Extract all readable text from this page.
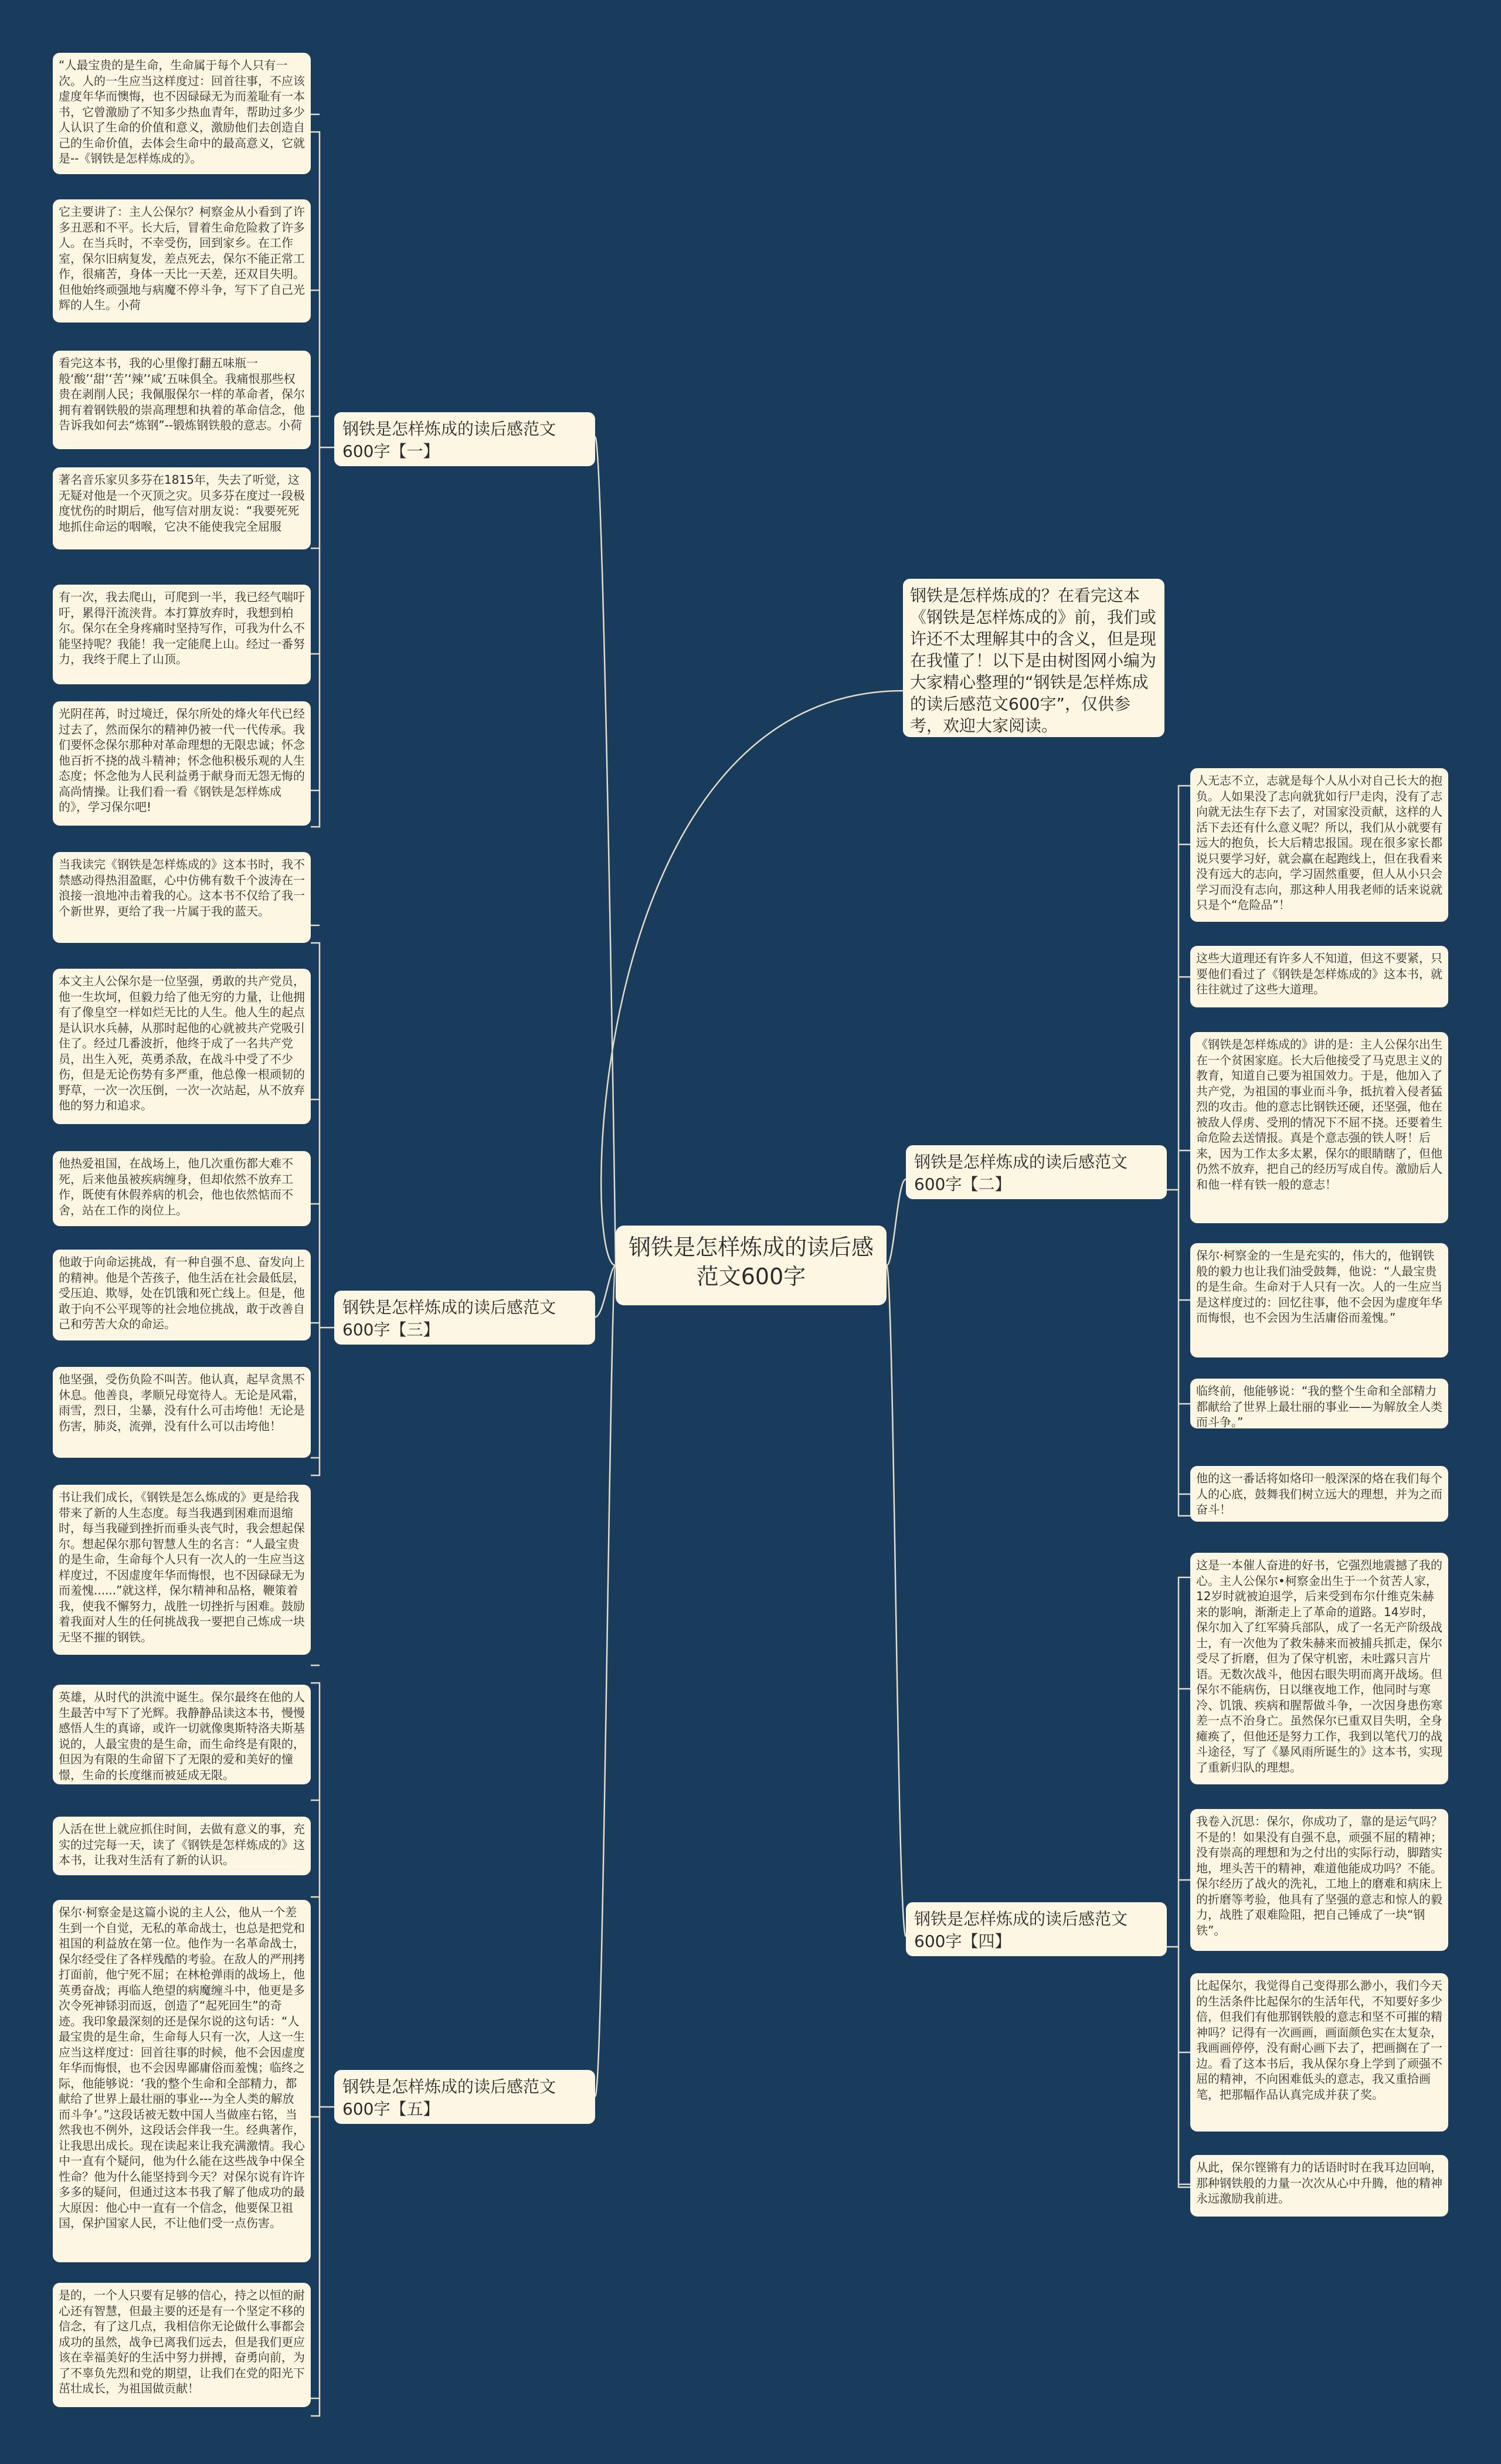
钢铁是怎样炼成的读后感范文600字
钢铁是怎样炼成的？在看完这本《钢铁是怎样炼成的》前，我们或许还不太理解其中的含义，但是现在我懂了！以下是由树图网小编为大家精心整理的“钢铁是怎样炼成的读后感范文600字”，仅供参考，欢迎大家阅读。
钢铁是怎样炼成的读后感范文600字【一】
钢铁是怎样炼成的读后感范文600字【三】
钢铁是怎样炼成的读后感范文600字【五】
钢铁是怎样炼成的读后感范文600字【二】
钢铁是怎样炼成的读后感范文600字【四】
“人最宝贵的是生命，生命属于每个人只有一次。人的一生应当这样度过：回首往事，不应该虚度年华而懊悔，也不因碌碌无为而羞耻有一本书，它曾激励了不知多少热血青年，帮助过多少人认识了生命的价值和意义，激励他们去创造自己的生命价值，去体会生命中的最高意义，它就是--《钢铁是怎样炼成的》。
它主要讲了：主人公保尔？柯察金从小看到了许多丑恶和不平。长大后，冒着生命危险救了许多人。在当兵时，不幸受伤，回到家乡。在工作室，保尔旧病复发，差点死去，保尔不能正常工作，很痛苦，身体一天比一天差，还双目失明。但他始终顽强地与病魔不停斗争，写下了自己光辉的人生。小荷
看完这本书，我的心里像打翻五味瓶一般‘酸’‘甜’‘苦’‘辣’‘咸’五味俱全。我痛恨那些权贵在剥削人民；我佩服保尔一样的革命者，保尔拥有着钢铁般的崇高理想和执着的革命信念，他告诉我如何去“炼钢”--锻炼钢铁般的意志。小荷
著名音乐家贝多芬在1815年，失去了听觉，这无疑对他是一个灭顶之灾。贝多芬在度过一段极度忧伤的时期后，他写信对朋友说：“我要死死地抓住命运的咽喉，它决不能使我完全屈服
有一次，我去爬山，可爬到一半，我已经气喘吁吁，累得汗流浃背。本打算放弃时，我想到柏尔。保尔在全身疼痛时坚持写作，可我为什么不能坚持呢？我能！我一定能爬上山。经过一番努力，我终于爬上了山顶。
光阴荏苒，时过境迁，保尔所处的烽火年代已经过去了，然而保尔的精神仍被一代一代传承。我们要怀念保尔那种对革命理想的无限忠诚；怀念他百折不挠的战斗精神；怀念他积极乐观的人生态度；怀念他为人民利益勇于献身而无怨无悔的高尚情操。让我们看一看《钢铁是怎样炼成的》，学习保尔吧!
当我读完《钢铁是怎样炼成的》这本书时，我不禁感动得热泪盈眶，心中仿佛有数千个波涛在一浪接一浪地冲击着我的心。这本书不仅给了我一个新世界，更给了我一片属于我的蓝天。
本文主人公保尔是一位坚强，勇敢的共产党员，他一生坎坷，但毅力给了他无穷的力量，让他拥有了像皇空一样如烂无比的人生。他人生的起点是认识水兵赫，从那时起他的心就被共产党吸引住了。经过几番波折，他终于成了一名共产党员，出生入死，英勇杀敌，在战斗中受了不少伤，但是无论伤势有多严重，他总像一根顽韧的野草，一次一次压倒，一次一次站起，从不放弃他的努力和追求。
他热爱祖国，在战场上，他几次重伤都大难不死，后来他虽被疾病缠身，但却依然不放弃工作，既使有休假养病的机会，他也依然惦而不舍，站在工作的岗位上。
他敢于向命运挑战，有一种自强不息、奋发向上的精神。他是个苦孩子，他生活在社会最低层，受压迫、欺辱，处在饥饿和死亡线上。但是，他敢于向不公平现等的社会地位挑战，敢于改善自己和劳苦大众的命运。
他坚强，受伤负险不叫苦。他认真，起早贪黑不休息。他善良，孝顺兄母宽待人。无论是风霜，雨雪，烈日，尘暴，没有什么可击垮他！无论是伤害，肺炎，流弹，没有什么可以击垮他！
书让我们成长，《钢铁是怎么炼成的》更是给我带来了新的人生态度。每当我遇到困难而退缩时，每当我碰到挫折而垂头丧气时，我会想起保尔。想起保尔那句智慧人生的名言：“人最宝贵的是生命，生命每个人只有一次人的一生应当这样度过，不因虚度年华而悔恨，也不因碌碌无为而羞愧......”就这样，保尔精神和品格，鞭策着我，使我不懈努力，战胜一切挫折与困难。鼓励着我面对人生的任何挑战我一要把自己炼成一块无坚不摧的钢铁。
英雄，从时代的洪流中诞生。保尔最终在他的人生最苦中写下了光辉。我静静品读这本书，慢慢感悟人生的真谛，或许一切就像奥斯特洛夫斯基说的，人最宝贵的是生命，而生命终是有限的，但因为有限的生命留下了无限的爱和美好的憧憬，生命的长度继而被延成无限。
人活在世上就应抓住时间，去做有意义的事，充实的过完每一天，读了《钢铁是怎样炼成的》这本书，让我对生活有了新的认识。
保尔·柯察金是这篇小说的主人公，他从一个差生到一个自觉，无私的革命战士，也总是把党和祖国的利益放在第一位。他作为一名革命战士，保尔经受住了各样残酷的考验。在敌人的严刑拷打面前，他宁死不屈；在林枪弹雨的战场上，他英勇奋战；再临人绝望的病魔缠斗中，他更是多次令死神铩羽而返，创造了“起死回生”的奇迹。我印象最深刻的还是保尔说的这句话：“人最宝贵的是生命，生命每人只有一次，人这一生应当这样度过：回首往事的时候，他不会因虚度年华而悔恨，也不会因卑鄙庸俗而羞愧；临终之际，他能够说：‘我的整个生命和全部精力，都献给了世界上最壮丽的事业---为全人类的解放而斗争’。”这段话被无数中国人当做座右铭，当然我也不例外，这段话会伴我一生。经典著作，让我思出成长。现在读起来让我充满激情。我心中一直有个疑问，他为什么能在这些战争中保全性命？他为什么能坚持到今天？对保尔说有许许多多的疑问，但通过这本书我了解了他成功的最大原因：他心中一直有一个信念，他要保卫祖国，保护国家人民，不让他们受一点伤害。
是的，一个人只要有足够的信心，持之以恒的耐心还有智慧，但最主要的还是有一个坚定不移的信念，有了这几点，我相信你无论做什么事都会成功的虽然，战争已离我们远去，但是我们更应该在幸福美好的生活中努力拼搏，奋勇向前，为了不辜负先烈和党的期望，让我们在党的阳光下茁壮成长，为祖国做贡献！
人无志不立，志就是每个人从小对自己长大的抱负。人如果没了志向就犹如行尸走肉，没有了志向就无法生存下去了，对国家没贡献，这样的人活下去还有什么意义呢？所以，我们从小就要有远大的抱负，长大后精忠报国。现在很多家长都说只要学习好，就会赢在起跑线上，但在我看来没有远大的志向，学习固然重要，但人从小只会学习而没有志向，那这种人用我老师的话来说就只是个“危险品”！
这些大道理还有许多人不知道，但这不要紧，只要他们看过了《钢铁是怎样炼成的》这本书，就往往就过了这些大道理。
《钢铁是怎样炼成的》讲的是：主人公保尔出生在一个贫困家庭。长大后他接受了马克思主义的教育，知道自己要为祖国效力。于是，他加入了共产党，为祖国的事业而斗争，抵抗着入侵者猛烈的攻击。他的意志比钢铁还硬，还坚强，他在被敌人俘虏、受刑的情况下不屈不挠。还要着生命危险去送情报。真是个意志强的铁人呀！后来，因为工作太多太累，保尔的眼睛瞎了，但他仍然不放弃，把自己的经历写成自传。激励后人和他一样有铁一般的意志！
保尔·柯察金的一生是充实的，伟大的，他钢铁般的毅力也让我们油受鼓舞，他说：“人最宝贵的是生命。生命对于人只有一次。人的一生应当是这样度过的：回忆往事，他不会因为虚度年华而悔恨，也不会因为生活庸俗而羞愧。”
临终前，他能够说：“我的整个生命和全部精力都献给了世界上最壮丽的事业——为解放全人类而斗争。”
他的这一番话将如烙印一般深深的烙在我们每个人的心底，鼓舞我们树立远大的理想，并为之而奋斗！
这是一本催人奋进的好书，它强烈地震撼了我的心。主人公保尔•柯察金出生于一个贫苦人家，12岁时就被迫退学，后来受到布尔什维克朱赫来的影响，渐渐走上了革命的道路。14岁时，保尔加入了红军骑兵部队，成了一名无产阶级战士，有一次他为了救朱赫来而被捕兵抓走，保尔受尽了折磨，但为了保守机密，未吐露只言片语。无数次战斗，他因右眼失明而离开战场。但保尔不能病伤，日以继夜地工作，他同时与寒冷、饥饿、疾病和腥帮做斗争，一次因身患伤寒差一点不治身亡。虽然保尔已重双目失明，全身瘫痪了，但他还是努力工作，我到以笔代刀的战斗途径，写了《暴风雨所诞生的》这本书，实现了重新归队的理想。
我卷入沉思：保尔，你成功了，靠的是运气吗？不是的！如果没有自强不息，顽强不屈的精神；没有崇高的理想和为之付出的实际行动，脚踏实地，埋头苦干的精神，难道他能成功吗？不能。保尔经历了战火的洗礼，工地上的磨难和病床上的折磨等考验，他具有了坚强的意志和惊人的毅力，战胜了艰难险阻，把自己锤成了一块“钢铁”。
比起保尔，我觉得自己变得那么渺小，我们今天的生活条件比起保尔的生活年代，不知要好多少倍，但我们有他那钢铁般的意志和坚不可摧的精神吗？记得有一次画画，画面颜色实在太复杂，我画画停停，没有耐心画下去了，把画搁在了一边。看了这本书后，我从保尔身上学到了顽强不屈的精神，不向困难低头的意志，我又重拾画笔，把那幅作品认真完成并获了奖。
从此，保尔铿锵有力的话语时时在我耳边回响，那种钢铁般的力量一次次从心中升腾，他的精神永远激励我前进。
